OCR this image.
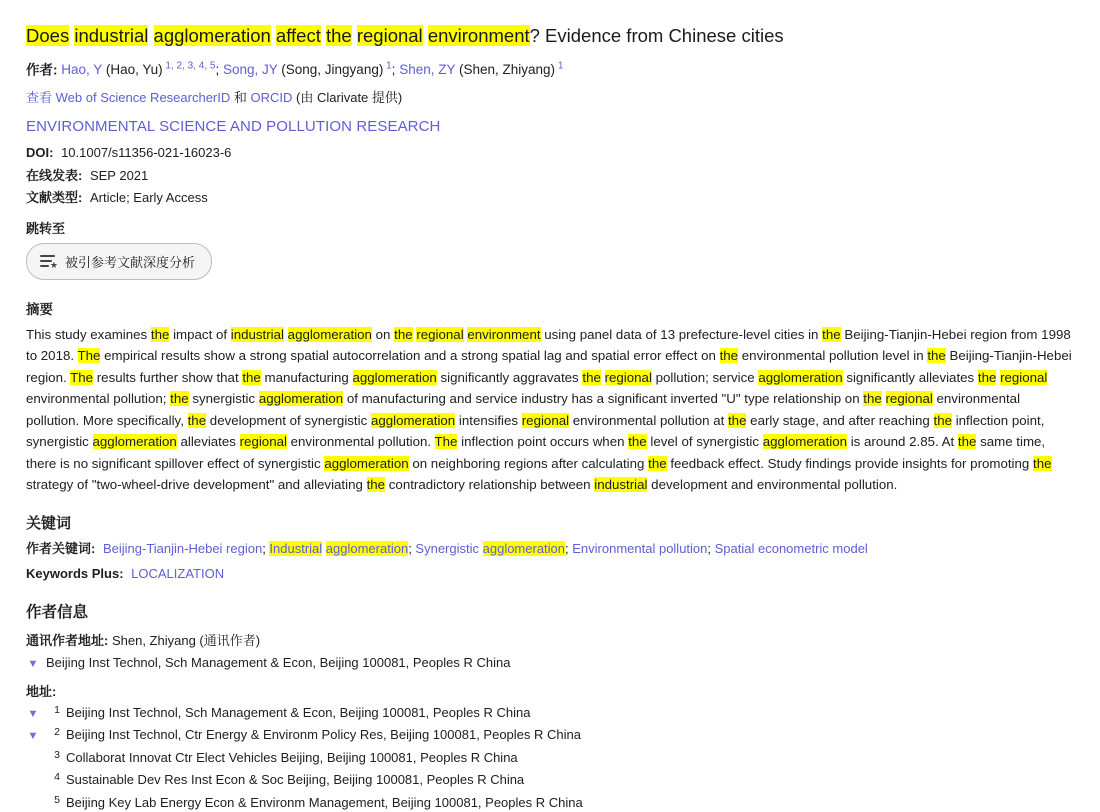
Does industrial agglomeration affect the regional environment? Evidence from Chinese cities
作者: Hao, Y (Hao, Yu) $^{1, 2, 3, 4, 5}$; Song, JY (Song, Jingyang) $^1$; Shen, ZY (Shen, Zhiyang) $^1$
查看 Web of Science ResearcherID 和 ORCID (由 Clarivate 提供)
ENVIRONMENTAL SCIENCE AND POLLUTION RESEARCH
DOI: 10.1007/s11356-021-16023-6
在线发表: SEP 2021
文献类型: Article; Early Access
跳转至
★ 被引参考文献深度分析
摘要
This study examines the impact of industrial agglomeration on the regional environment using panel data of 13 prefecture-level cities in the Beijing-Tianjin-Hebei region from 1998 to 2018. The empirical results show a strong spatial autocorrelation and a strong spatial lag and spatial error effect on the environmental pollution level in the Beijing-Tianjin-Hebei region. The results further show that the manufacturing agglomeration significantly aggravates the regional pollution; service agglomeration significantly alleviates the regional environmental pollution; the synergistic agglomeration of manufacturing and service industry has a significant inverted "U" type relationship on the regional environmental pollution. More specifically, the development of synergistic agglomeration intensifies regional environmental pollution at the early stage, and after reaching the inflection point, synergistic agglomeration alleviates regional environmental pollution. The inflection point occurs when the level of synergistic agglomeration is around 2.85. At the same time, there is no significant spillover effect of synergistic agglomeration on neighboring regions after calculating the feedback effect. Study findings provide insights for promoting the strategy of "two-wheel-drive development" and alleviating the contradictory relationship between industrial development and environmental pollution.
关键词
作者关键词: Beijing-Tianjin-Hebei region; Industrial agglomeration; Synergistic agglomeration; Environmental pollution; Spatial econometric model
Keywords Plus: LOCALIZATION
作者信息
通讯作者地址: Shen, Zhiyang (通讯作者)
▼ Beijing Inst Technol, Sch Management & Econ, Beijing 100081, Peoples R China
地址:
▼	1 Beijing Inst Technol, Sch Management & Econ, Beijing 100081, Peoples R China
▼	2 Beijing Inst Technol, Ctr Energy & Environm Policy Res, Beijing 100081, Peoples R China
3 Collaborat Innovat Ctr Elect Vehicles Beijing, Beijing 100081, Peoples R China
4 Sustainable Dev Res Inst Econ & Soc Beijing, Beijing 100081, Peoples R China
5 Beijing Key Lab Energy Econ & Environm Management, Beijing 100081, Peoples R China
